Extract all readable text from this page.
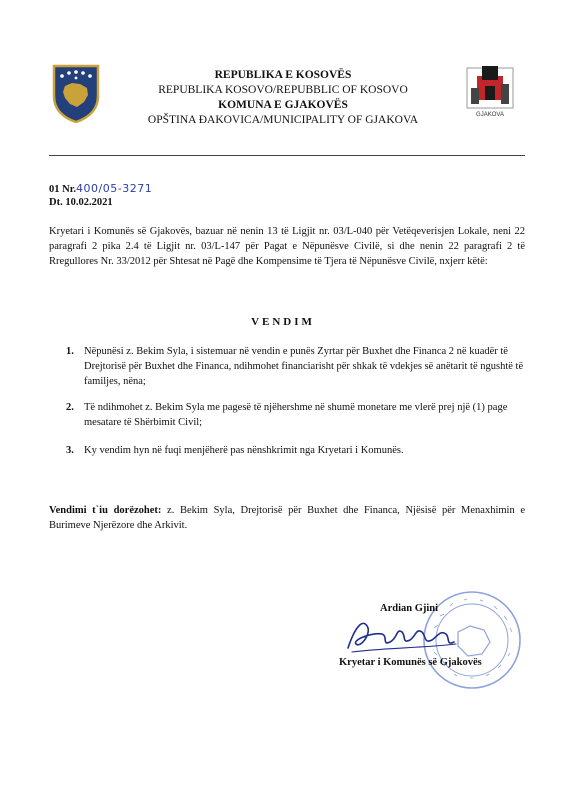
GJAKOVA
REPUBLIKA E KOSOVËS
REPUBLIKA KOSOVO/REPUBBLIC OF KOSOVO
KOMUNA E GJAKOVËS
OPŠTINA ĐAKOVICA/MUNICIPALITY OF GJAKOVA
01 Nr.400/05-3271
Dt. 10.02.2021
Kryetari i Komunës së Gjakovës, bazuar në nenin 13 të Ligjit nr. 03/L-040 për Vetëqeverisjen Lokale, neni 22 paragrafi 2 pika 2.4 të Ligjit nr. 03/L-147 për Pagat e Nëpunësve Civilë, si dhe nenin 22 paragrafi 2 të Rregullores Nr. 33/2012 për Shtesat në Pagë dhe Kompensime të Tjera të Nëpunësve Civilë, nxjerr këtë:
VENDIM
1. Nëpunësi z. Bekim Syla, i sistemuar në vendin e punës Zyrtar për Buxhet dhe Financa 2 në kuadër të Drejtorisë për Buxhet dhe Financa, ndihmohet financiarisht për shkak të vdekjes së anëtarit të ngushtë të familjes, nëna;
2. Të ndihmohet z. Bekim Syla me pagesë të njëhershme në shumë monetare me vlerë prej një (1) page mesatare të Shërbimit Civil;
3. Ky vendim hyn në fuqi menjëherë pas nënshkrimit nga Kryetari i Komunës.
Vendimi t`iu dorëzohet: z. Bekim Syla, Drejtorisë për Buxhet dhe Financa, Njësisë për Menaxhimin e Burimeve Njerëzore dhe Arkivit.
Ardian Gjini
Kryetar i Komunës së Gjakovës
